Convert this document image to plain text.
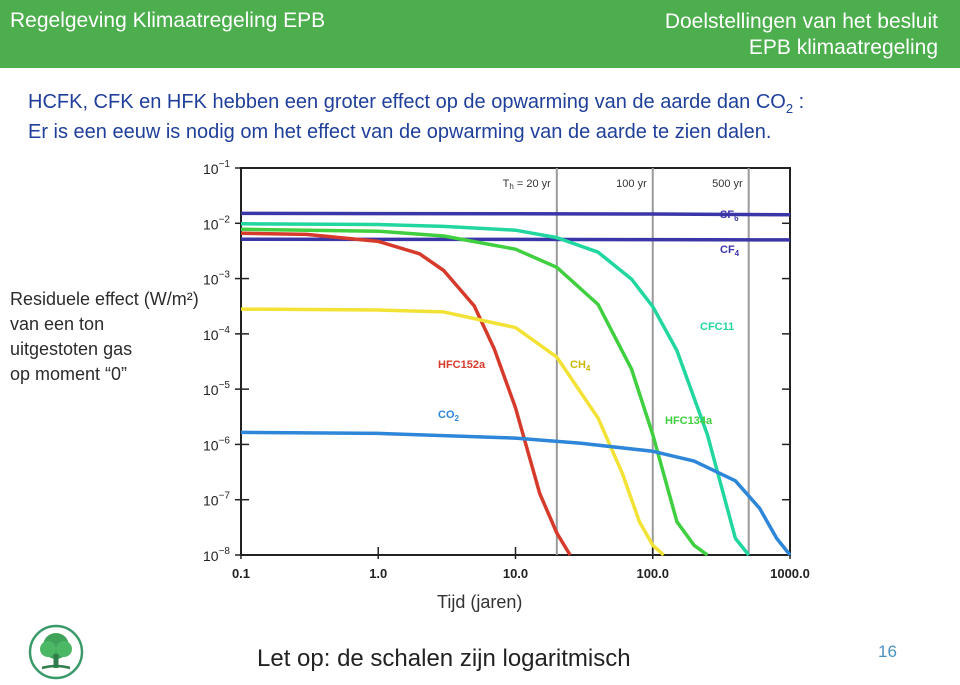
Regelgeving Klimaatregeling EPB	Doelstellingen van het besluit
EPB klimaatregeling
HCFK, CFK en HFK hebben een groter effect op de opwarming van de aarde dan $CO_2$ :
Er is een eeuw is nodig om het effect van de opwarming van de aarde te zien dalen.
Th = 20 yr	100 yr	500 yr
$10^{-1}$
$10^{-2}$
$10^{-3}$
$10^{-4}$
$10^{-5}$
$10^{-6}$
$10^{-7}$
$10^{-8}$
0.1	1.0	10.0	100.0	1000.0
$SF_6$
$CF_4$
CFC11
HFC134a
HFC152a	$CH_4$
$CO_2$
Residuele effect (W/m²)
van een ton
uitgestoten gas
op moment “0”
Tijd (jaren)
Let op: de schalen zijn logaritmisch	16
